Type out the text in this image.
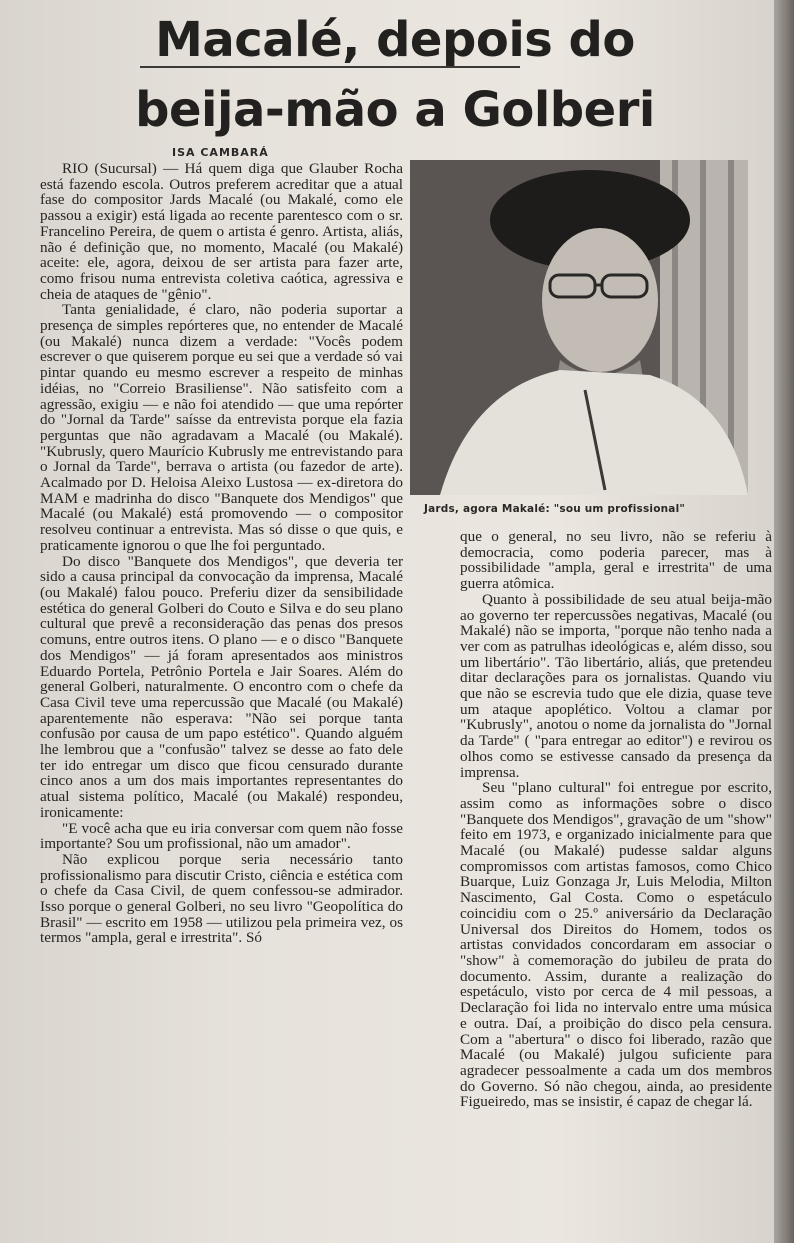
Macalé, depois do
beija-mão a Golberi
ISA CAMBARÁ

RIO (Sucursal) — Há quem diga que Glauber Rocha está fazendo escola. Outros preferem acreditar que a atual fase do compositor Jards Macalé (ou Makalé, como ele passou a exigir) está ligada ao recente parentesco com o sr. Francelino Pereira, de quem o artista é genro. Artista, aliás, não é definição que, no momento, Macalé (ou Makalé) aceite: ele, agora, deixou de ser artista para fazer arte, como frisou numa entrevista coletiva caótica, agressiva e cheia de ataques de "gênio".

Tanta genialidade, é claro, não poderia suportar a presença de simples repórteres que, no entender de Macalé (ou Makalé) nunca dizem a verdade: "Vocês podem escrever o que quiserem porque eu sei que a verdade só vai pintar quando eu mesmo escrever a respeito de minhas idéias, no "Correio Brasiliense". Não satisfeito com a agressão, exigiu — e não foi atendido — que uma repórter do "Jornal da Tarde" saísse da entrevista porque ela fazia perguntas que não agradavam a Macalé (ou Makalé). "Kubrusly, quero Maurício Kubrusly me entrevistando para o Jornal da Tarde", berrava o artista (ou fazedor de arte). Acalmado por D. Heloisa Aleixo Lustosa — ex-diretora do MAM e madrinha do disco "Banquete dos Mendigos" que Macalé (ou Makalé) está promovendo — o compositor resolveu continuar a entrevista. Mas só disse o que quis, e praticamente ignorou o que lhe foi perguntado.

Do disco "Banquete dos Mendigos", que deveria ter sido a causa principal da convocação da imprensa, Macalé (ou Makalé) falou pouco. Preferiu dizer da sensibilidade estética do general Golberi do Couto e Silva e do seu plano cultural que prevê a reconsideração das penas dos presos comuns, entre outros itens. O plano — e o disco "Banquete dos Mendigos" — já foram apresentados aos ministros Eduardo Portela, Petrônio Portela e Jair Soares. Além do general Golberi, naturalmente. O encontro com o chefe da Casa Civil teve uma repercussão que Macalé (ou Makalé) aparentemente não esperava: "Não sei porque tanta confusão por causa de um papo estético". Quando alguém lhe lembrou que a "confusão" talvez se desse ao fato dele ter ido entregar um disco que ficou censurado durante cinco anos a um dos mais importantes representantes do atual sistema político, Macalé (ou Makalé) respondeu, ironicamente:

"E você acha que eu iria conversar com quem não fosse importante? Sou um profissional, não um amador".

Não explicou porque seria necessário tanto profissionalismo para discutir Cristo, ciência e estética com o chefe da Casa Civil, de quem confessou-se admirador. Isso porque o general Golberi, no seu livro "Geopolítica do Brasil" — escrito em 1958 — utilizou pela primeira vez, os termos "ampla, geral e irrestrita". Só

Jards, agora Makalé: "sou um profissional"

que o general, no seu livro, não se referiu à democracia, como poderia parecer, mas à possibilidade "ampla, geral e irrestrita" de uma guerra atômica.

Quanto à possibilidade de seu atual beija-mão ao governo ter repercussões negativas, Macalé (ou Makalé) não se importa, "porque não tenho nada a ver com as patrulhas ideológicas e, além disso, sou um libertário". Tão libertário, aliás, que pretendeu ditar declarações para os jornalistas. Quando viu que não se escrevia tudo que ele dizia, quase teve um ataque apoplético. Voltou a clamar por "Kubrusly", anotou o nome da jornalista do "Jornal da Tarde" ( "para entregar ao editor") e revirou os olhos como se estivesse cansado da presença da imprensa.

Seu "plano cultural" foi entregue por escrito, assim como as informações sobre o disco "Banquete dos Mendigos", gravação de um "show" feito em 1973, e organizado inicialmente para que Macalé (ou Makalé) pudesse saldar alguns compromissos com artistas famosos, como Chico Buarque, Luiz Gonzaga Jr, Luis Melodia, Milton Nascimento, Gal Costa. Como o espetáculo coincidiu com o 25.º aniversário da Declaração Universal dos Direitos do Homem, todos os artistas convidados concordaram em associar o "show" à comemoração do jubileu de prata do documento. Assim, durante a realização do espetáculo, visto por cerca de 4 mil pessoas, a Declaração foi lida no intervalo entre uma música e outra. Daí, a proibição do disco pela censura. Com a "abertura" o disco foi liberado, razão que Macalé (ou Makalé) julgou suficiente para agradecer pessoalmente a cada um dos membros do Governo. Só não chegou, ainda, ao presidente Figueiredo, mas se insistir, é capaz de chegar lá.
